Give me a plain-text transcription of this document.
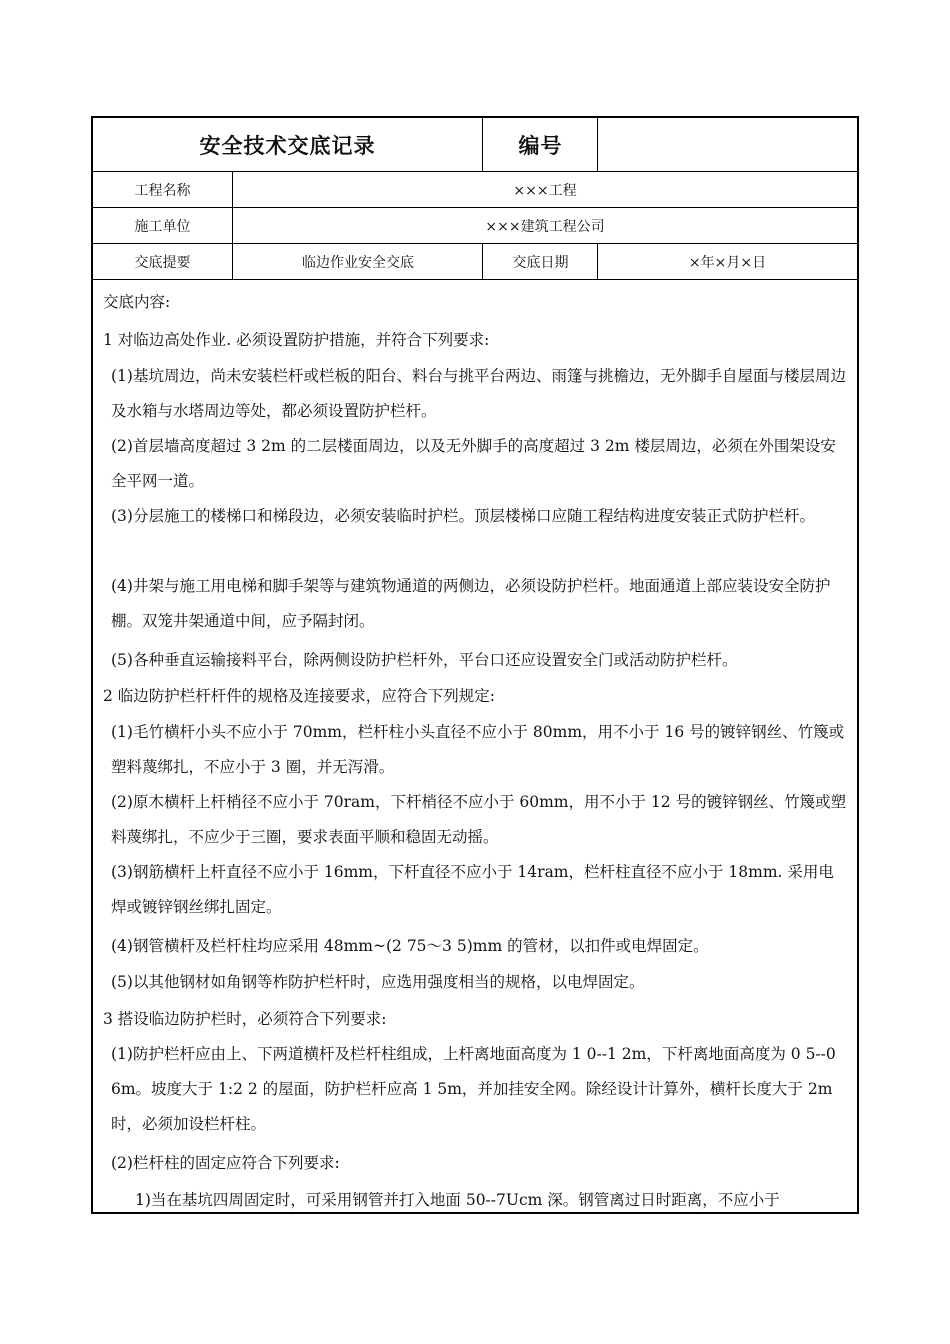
安全技术交底记录	编号
工程名称	×××工程
施工单位	×××建筑工程公司
交底提要	临边作业安全交底	交底日期	×年×月×日
交底内容:
1 对临边高处作业. 必须设置防护措施，并符合下列要求:
(1)基坑周边，尚未安装栏杆或栏板的阳台、料台与挑平台两边、雨篷与挑檐边，无外脚手自屋面与楼层周边及水箱与水塔周边等处，都必须设置防护栏杆。
(2)首层墙高度超过 3 2m 的二层楼面周边，以及无外脚手的高度超过 3 2m 楼层周边，必须在外围架设安全平网一道。
(3)分层施工的楼梯口和梯段边，必须安装临时护栏。顶层楼梯口应随工程结构进度安装正式防护栏杆。
(4)井架与施工用电梯和脚手架等与建筑物通道的两侧边，必须设防护栏杆。地面通道上部应装设安全防护棚。双笼井架通道中间，应予隔封闭。
(5)各种垂直运输接料平台，除两侧设防护栏杆外，平台口还应设置安全门或活动防护栏杆。
2 临边防护栏杆杆件的规格及连接要求，应符合下列规定:
(1)毛竹横杆小头不应小于 70mm，栏杆柱小头直径不应小于 80mm，用不小于 16 号的镀锌钢丝、竹篾或塑料蔑绑扎，不应小于 3 圈，并无泻滑。
(2)原木横杆上杆梢径不应小于 70ram，下杆梢径不应小于 60mm，用不小于 12 号的镀锌钢丝、竹篾或塑料蔑绑扎，不应少于三圈，要求表面平顺和稳固无动摇。
(3)钢筋横杆上杆直径不应小于 16mm，下杆直径不应小于 14ram，栏杆柱直径不应小于 18mm. 采用电焊或镀锌钢丝绑扎固定。
(4)钢管横杆及栏杆柱均应采用 48mm~(2 75～3 5)mm 的管材，以扣件或电焊固定。
(5)以其他钢材如角钢等柞防护栏杆时，应选用强度相当的规格，以电焊固定。
3 搭设临边防护栏时，必须符合下列要求:
(1)防护栏杆应由上、下两道横杆及栏杆柱组成，上杆离地面高度为 1 0--1 2m，下杆离地面高度为 0 5--0 6m。坡度大于 1:2 2 的屋面，防护栏杆应高 1 5m，并加挂安全网。除经设计计算外，横杆长度大于 2m 时，必须加设栏杆柱。
(2)栏杆柱的固定应符合下列要求:
1)当在基坑四周固定时，可采用钢管并打入地面 50--7Ucm 深。钢管离过日时距离，不应小于
